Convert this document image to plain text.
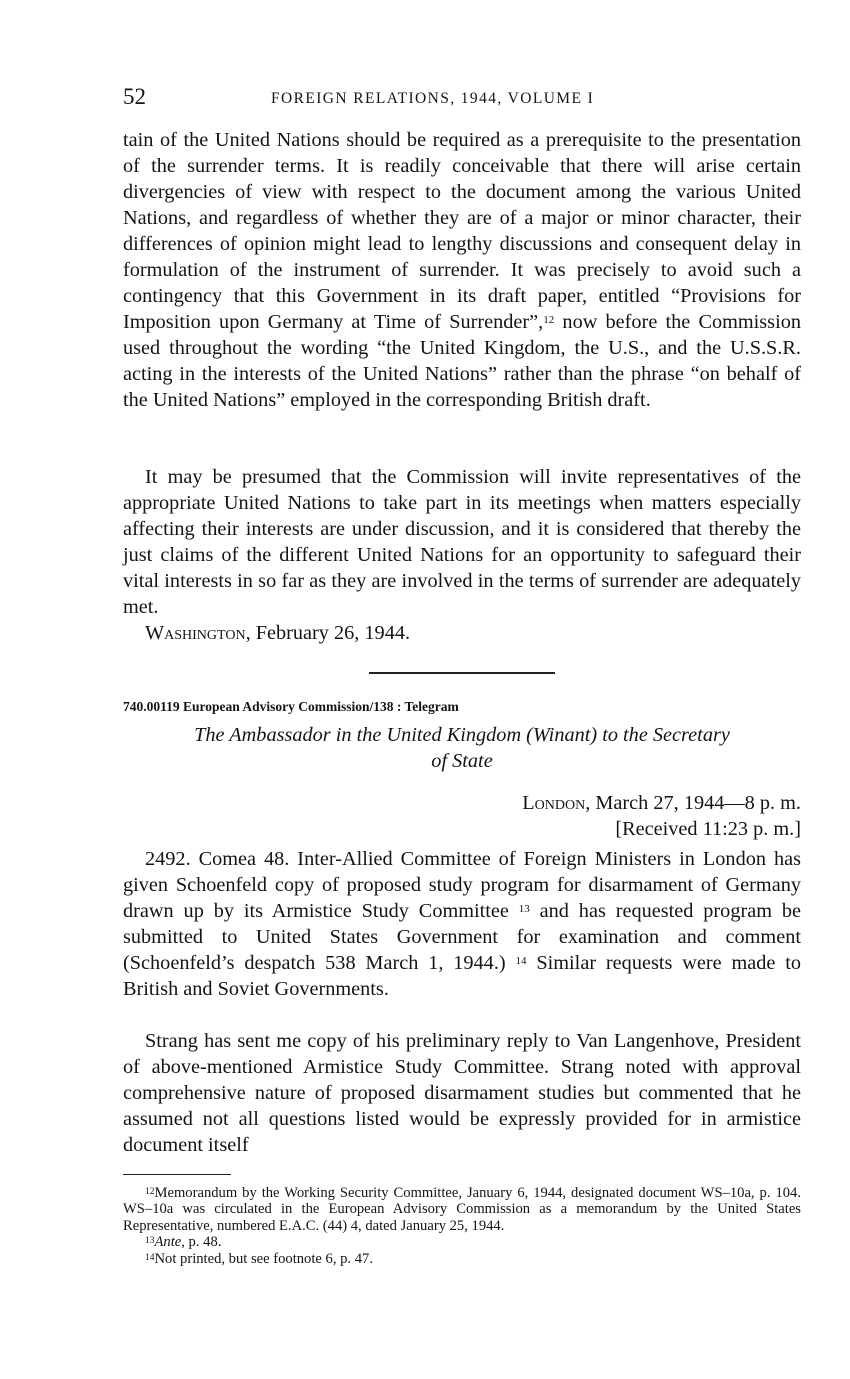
52	FOREIGN RELATIONS, 1944, VOLUME I
tain of the United Nations should be required as a prerequisite to the presentation of the surrender terms. It is readily conceivable that there will arise certain divergencies of view with respect to the document among the various United Nations, and regardless of whether they are of a major or minor character, their differences of opinion might lead to lengthy discussions and consequent delay in formulation of the instrument of surrender. It was precisely to avoid such a contingency that this Government in its draft paper, entitled “Provisions for Imposition upon Germany at Time of Surrender”,$^{12}$ now before the Commission used throughout the wording “the United Kingdom, the U.S., and the U.S.S.R. acting in the interests of the United Nations” rather than the phrase “on behalf of the United Nations” employed in the corresponding British draft.
It may be presumed that the Commission will invite representatives of the appropriate United Nations to take part in its meetings when matters especially affecting their interests are under discussion, and it is considered that thereby the just claims of the different United Nations for an opportunity to safeguard their vital interests in so far as they are involved in the terms of surrender are adequately met.
Washington, February 26, 1944.
740.00119 European Advisory Commission/138 : Telegram
The Ambassador in the United Kingdom (Winant) to the Secretary
of State
London, March 27, 1944—8 p. m.
[Received 11:23 p. m.]
2492. Comea 48. Inter-Allied Committee of Foreign Ministers in London has given Schoenfeld copy of proposed study program for disarmament of Germany drawn up by its Armistice Study Committee $^{13}$ and has requested program be submitted to United States Government for examination and comment (Schoenfeld’s despatch 538 March 1, 1944.) $^{14}$ Similar requests were made to British and Soviet Governments.
Strang has sent me copy of his preliminary reply to Van Langenhove, President of above-mentioned Armistice Study Committee. Strang noted with approval comprehensive nature of proposed disarmament studies but commented that he assumed not all questions listed would be expressly provided for in armistice document itself

$^{12}$Memorandum by the Working Security Committee, January 6, 1944, designated document WS–10a, p. 104. WS–10a was circulated in the European Advisory Commission as a memorandum by the United States Representative, numbered E.A.C. (44) 4, dated January 25, 1944.

$^{13}$Ante, p. 48.

$^{14}$Not printed, but see footnote 6, p. 47.
